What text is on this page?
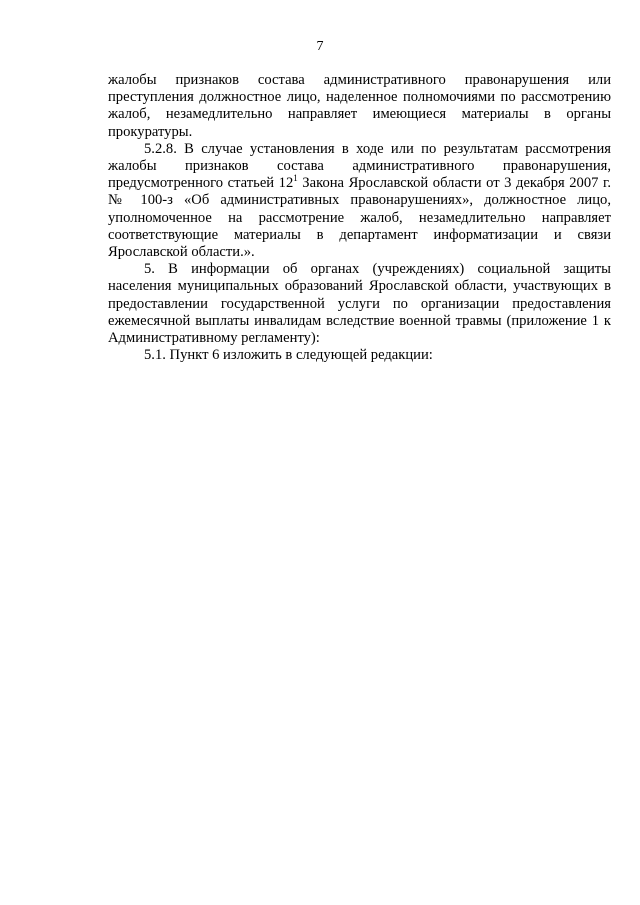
7

жалобы признаков состава административного правонарушения или преступления должностное лицо, наделенное полномочиями по рассмотрению жалоб, незамедлительно направляет имеющиеся материалы в органы прокуратуры.

5.2.8. В случае установления в ходе или по результатам рассмотрения жалобы признаков состава административного правонарушения, предусмотренного статьей $12^1$ Закона Ярославской области от 3 декабря 2007 г. № 100-з «Об административных правонарушениях», должностное лицо, уполномоченное на рассмотрение жалоб, незамедлительно направляет соответствующие материалы в департамент информатизации и связи Ярославской области.».

5. В информации об органах (учреждениях) социальной защиты населения муниципальных образований Ярославской области, участвующих в предоставлении государственной услуги по организации предоставления ежемесячной выплаты инвалидам вследствие военной травмы (приложение 1 к Административному регламенту):

5.1. Пункт 6 изложить в следующей редакции:
